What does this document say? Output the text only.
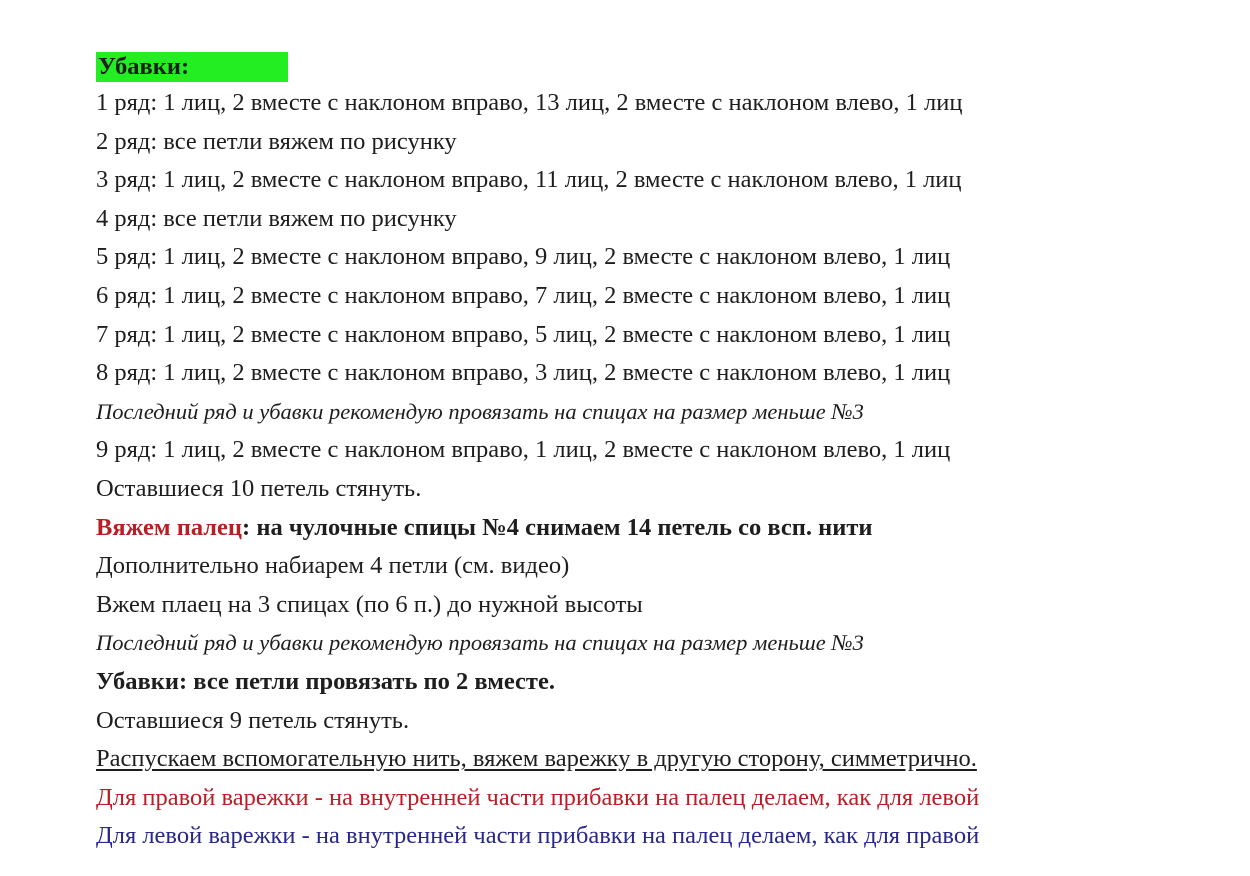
Убавки:
1 ряд: 1 лиц, 2 вместе с наклоном вправо, 13 лиц, 2 вместе с наклоном влево, 1 лиц
2 ряд: все петли вяжем по рисунку
3 ряд: 1 лиц, 2 вместе с наклоном вправо, 11 лиц, 2 вместе с наклоном влево, 1 лиц
4 ряд: все петли вяжем по рисунку
5 ряд: 1 лиц, 2 вместе с наклоном вправо, 9 лиц, 2 вместе с наклоном влево, 1 лиц
6 ряд: 1 лиц, 2 вместе с наклоном вправо, 7 лиц, 2 вместе с наклоном влево, 1 лиц
7 ряд: 1 лиц, 2 вместе с наклоном вправо, 5 лиц, 2 вместе с наклоном влево, 1 лиц
8 ряд: 1 лиц, 2 вместе с наклоном вправо, 3 лиц, 2 вместе с наклоном влево, 1 лиц
Последний ряд и убавки рекомендую провязать на спицах на размер меньше №3
9 ряд: 1 лиц, 2 вместе с наклоном вправо, 1 лиц, 2 вместе с наклоном влево, 1 лиц
Оставшиеся 10 петель стянуть.
Вяжем палец: на чулочные спицы №4 снимаем 14 петель со всп. нити
Дополнительно набиарем 4 петли (см. видео)
Вжем плаец на 3 спицах (по 6 п.) до нужной высоты
Последний ряд и убавки рекомендую провязать на спицах на размер меньше №3
Убавки: все петли провязать по 2 вместе.
Оставшиеся 9 петель стянуть.
Распускаем вспомогательную нить, вяжем варежку в другую сторону, симметрично.
Для правой варежки - на внутренней части прибавки на палец делаем, как для левой
Для левой варежки - на внутренней части прибавки на палец делаем, как для правой
